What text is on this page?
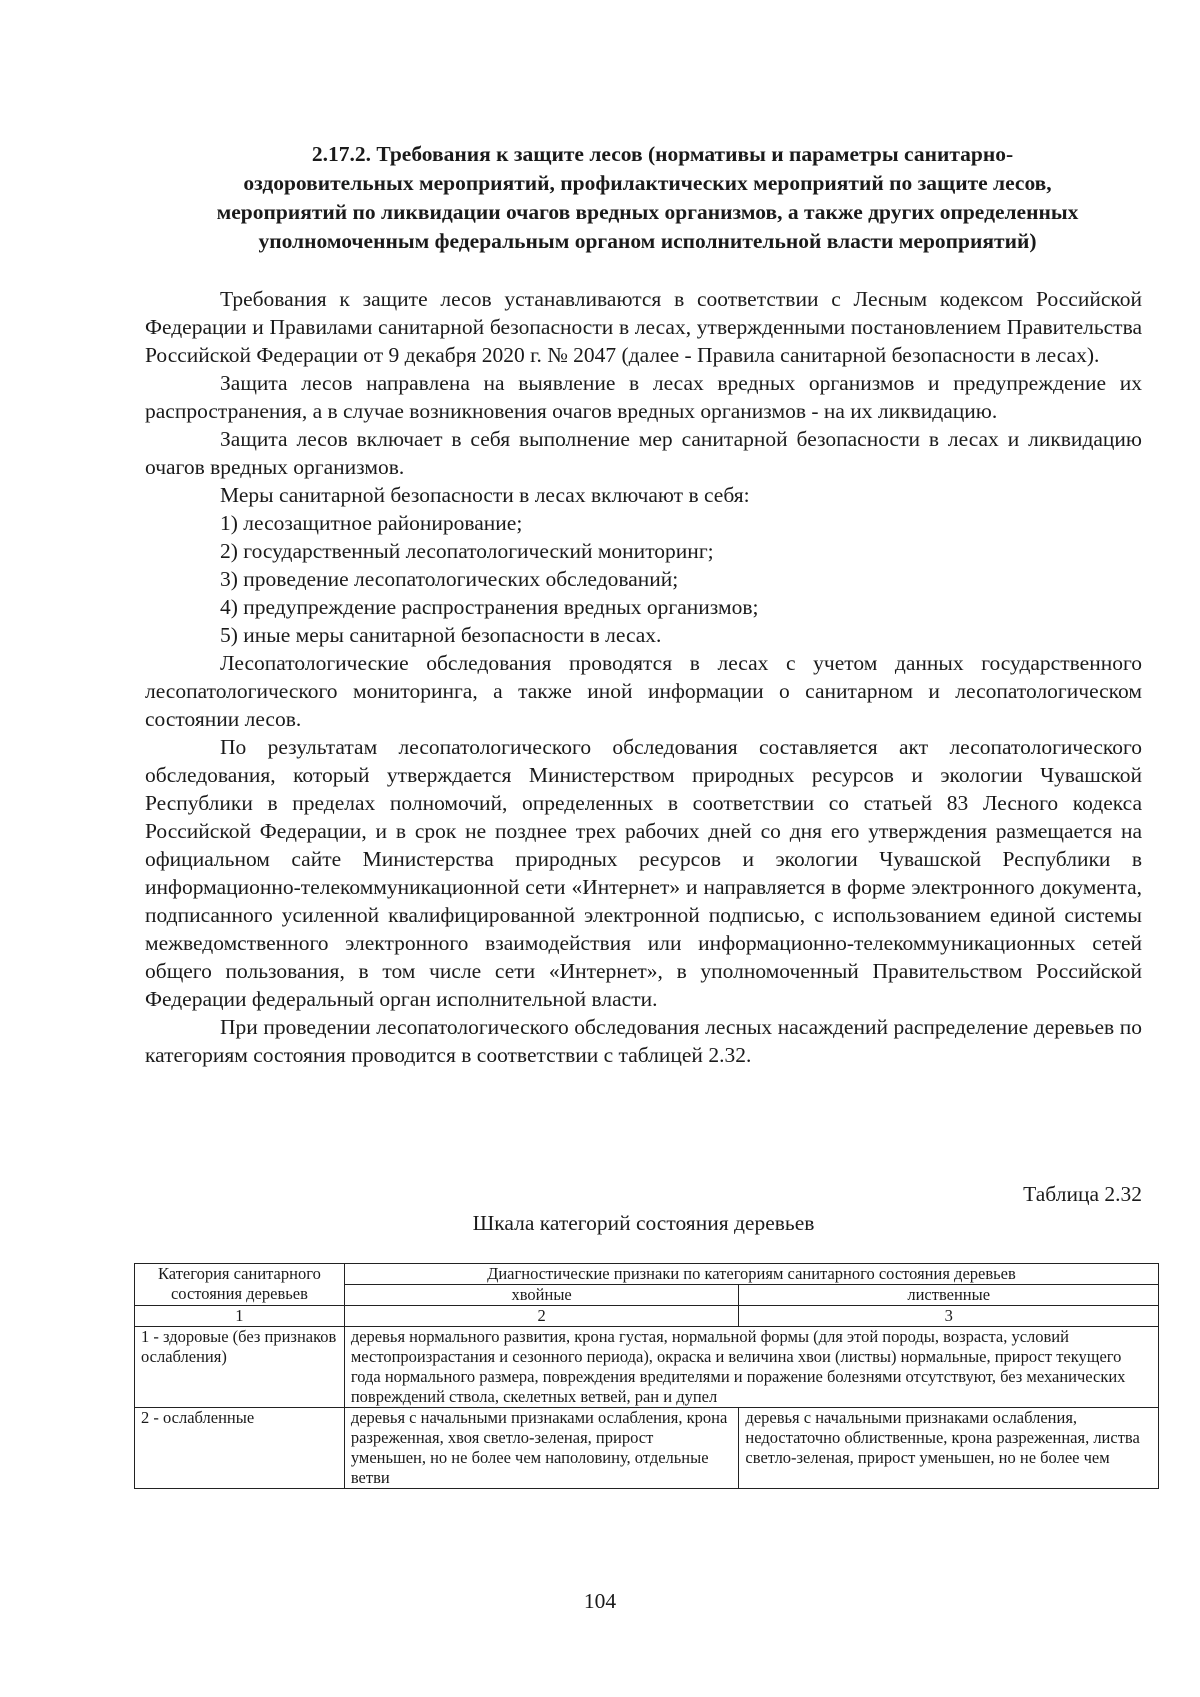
2.17.2. Требования к защите лесов (нормативы и параметры санитарно-
оздоровительных мероприятий, профилактических мероприятий по защите лесов,
мероприятий по ликвидации очагов вредных организмов, а также других определенных
уполномоченным федеральным органом исполнительной власти мероприятий)

Требования к защите лесов устанавливаются в соответствии с Лесным кодексом Российской Федерации и Правилами санитарной безопасности в лесах, утвержденными постановлением Правительства Российской Федерации от 9 декабря 2020 г. № 2047 (далее - Правила санитарной безопасности в лесах).

Защита лесов направлена на выявление в лесах вредных организмов и предупреждение их распространения, а в случае возникновения очагов вредных организмов - на их ликвидацию.

Защита лесов включает в себя выполнение мер санитарной безопасности в лесах и ликвидацию очагов вредных организмов.

Меры санитарной безопасности в лесах включают в себя:

1) лесозащитное районирование;
2) государственный лесопатологический мониторинг;
3) проведение лесопатологических обследований;
4) предупреждение распространения вредных организмов;
5) иные меры санитарной безопасности в лесах.

Лесопатологические обследования проводятся в лесах с учетом данных государственного лесопатологического мониторинга, а также иной информации о санитарном и лесопатологическом состоянии лесов.

По результатам лесопатологического обследования составляется акт лесопатологического обследования, который утверждается Министерством природных ресурсов и экологии Чувашской Республики в пределах полномочий, определенных в соответствии со статьей 83 Лесного кодекса Российской Федерации, и в срок не позднее трех рабочих дней со дня его утверждения размещается на официальном сайте Министерства природных ресурсов и экологии Чувашской Республики в информационно-телекоммуникационной сети «Интернет» и направляется в форме электронного документа, подписанного усиленной квалифицированной электронной подписью, с использованием единой системы межведомственного электронного взаимодействия или информационно-телекоммуникационных сетей общего пользования, в том числе сети «Интернет», в уполномоченный Правительством Российской Федерации федеральный орган исполнительной власти.

При проведении лесопатологического обследования лесных насаждений распределение деревьев по категориям состояния проводится в соответствии с таблицей 2.32.

Таблица 2.32
Шкала категорий состояния деревьев
Категория санитарного состояния деревьев	Диагностические признаки по категориям санитарного состояния деревьев	
	хвойные	лиственные
1	2	3
1 - здоровые (без признаков ослабления)	деревья нормального развития, крона густая, нормальной формы (для этой породы, возраста, условий местопроизрастания и сезонного периода), окраска и величина хвои (листвы) нормальные, прирост текущего года нормального размера, повреждения вредителями и поражение болезнями отсутствуют, без механических повреждений ствола, скелетных ветвей, ран и дупел	
2 - ослабленные	деревья с начальными признаками ослабления, крона разреженная, хвоя светло-зеленая, прирост уменьшен, но не более чем наполовину, отдельные ветви	деревья с начальными признаками ослабления, недостаточно облиственные, крона разреженная, листва светло-зеленая, прирост уменьшен, но не более чем
104
